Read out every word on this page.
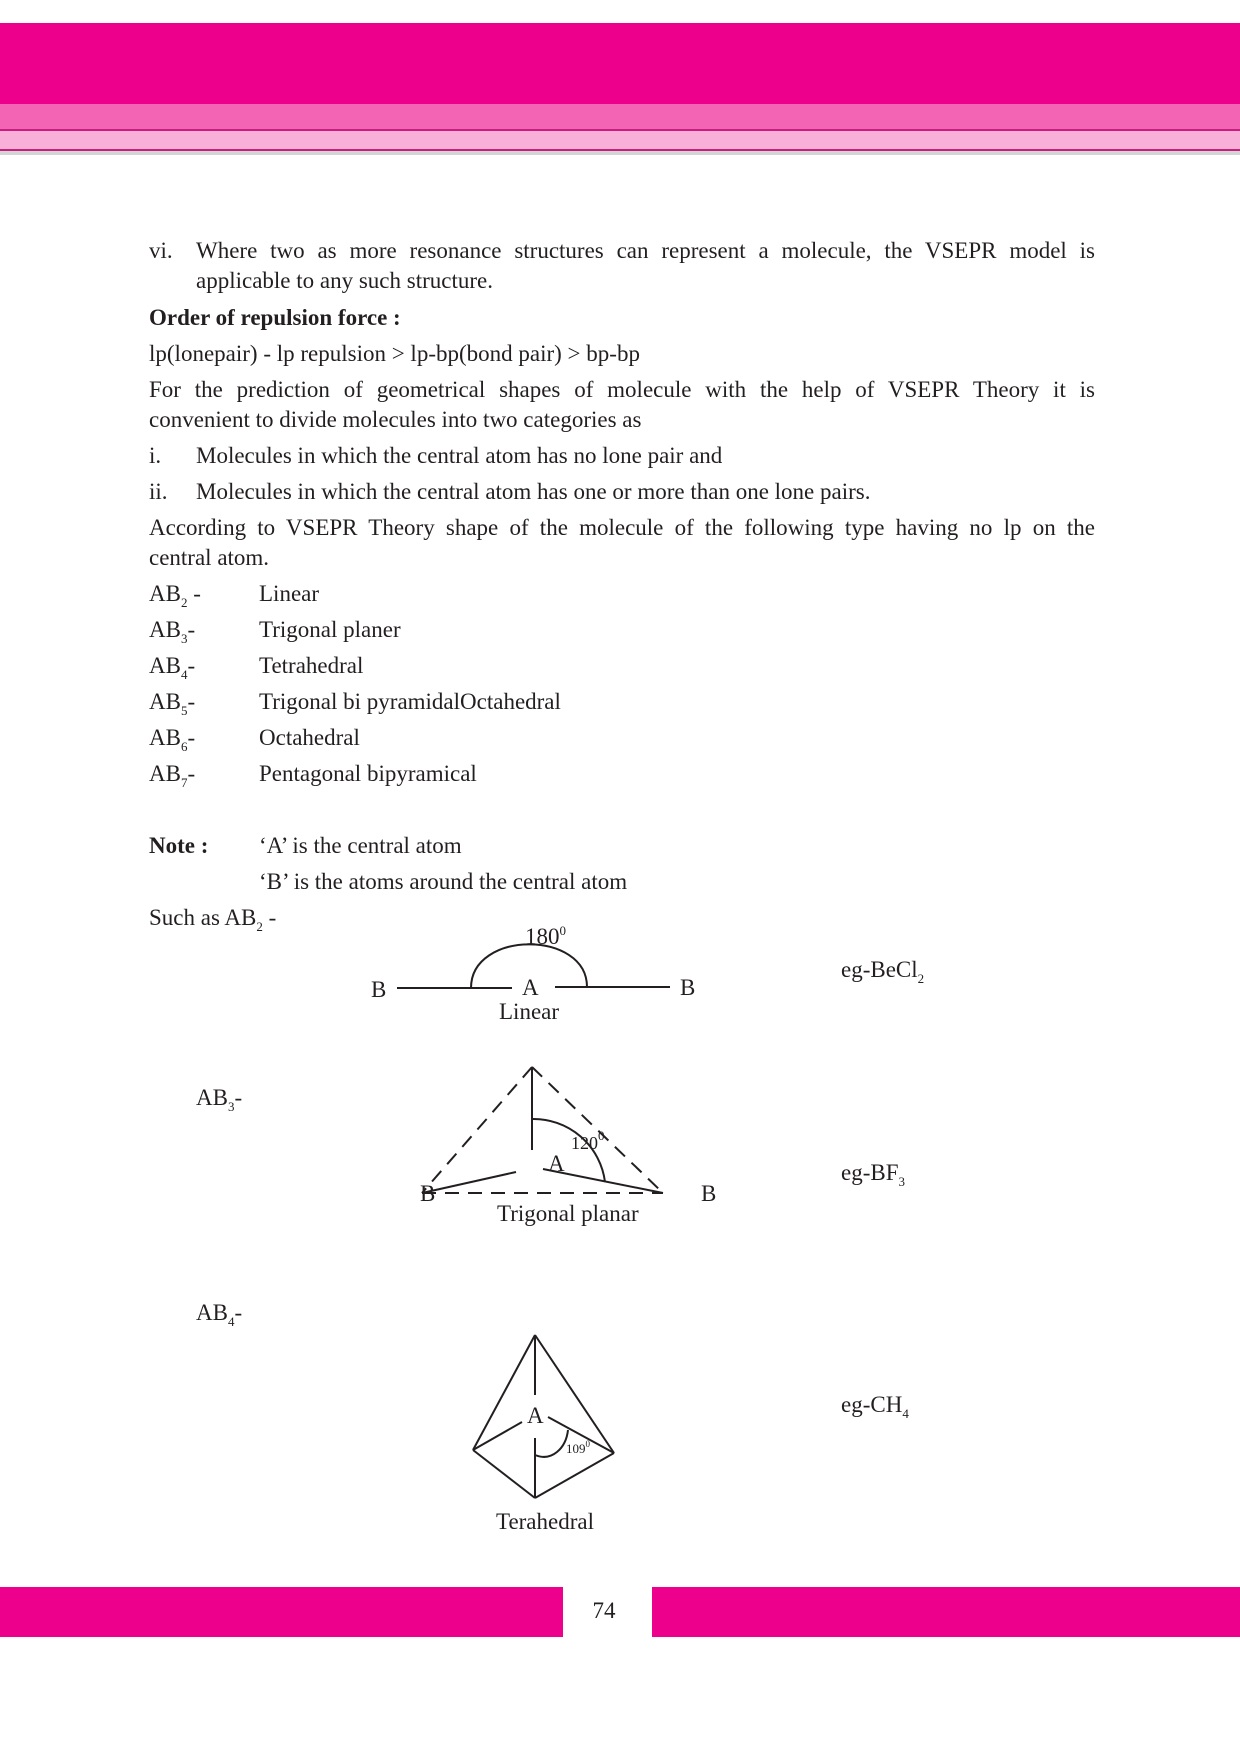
vi. Where two as more resonance structures can represent a molecule, the VSEPR model is
applicable to any such structure.
Order of repulsion force :
lp(lonepair) - lp repulsion > lp-bp(bond pair) > bp-bp
For the prediction of geometrical shapes of molecule with the help of VSEPR Theory it is
convenient to divide molecules into two categories as
i. Molecules in which the central atom has no lone pair and
ii. Molecules in which the central atom has one or more than one lone pairs.
According to VSEPR Theory shape of the molecule of the following type having no lp on the
central atom.
$AB_2$ -	Linear
$AB_3-$	Trigonal planer
$AB_4-$	Tetrahedral
$AB_5-$	Trigonal bi pyramidalOctahedral
$AB_6-$	Octahedral
$AB_7-$	Pentagonal bipyramical
Note : ‘A’ is the central atom
‘B’ is the atoms around the central atom
Such as $AB_2$ -
$180^0$
B	A	B
Linear
eg-BeCl$_2$
$AB_3-$
$120^0$
A
B	B
Trigonal planar
$eg-BF_3$
$AB_4-$
A
$109^0$
Terahedral
$eg-CH_4$
74
